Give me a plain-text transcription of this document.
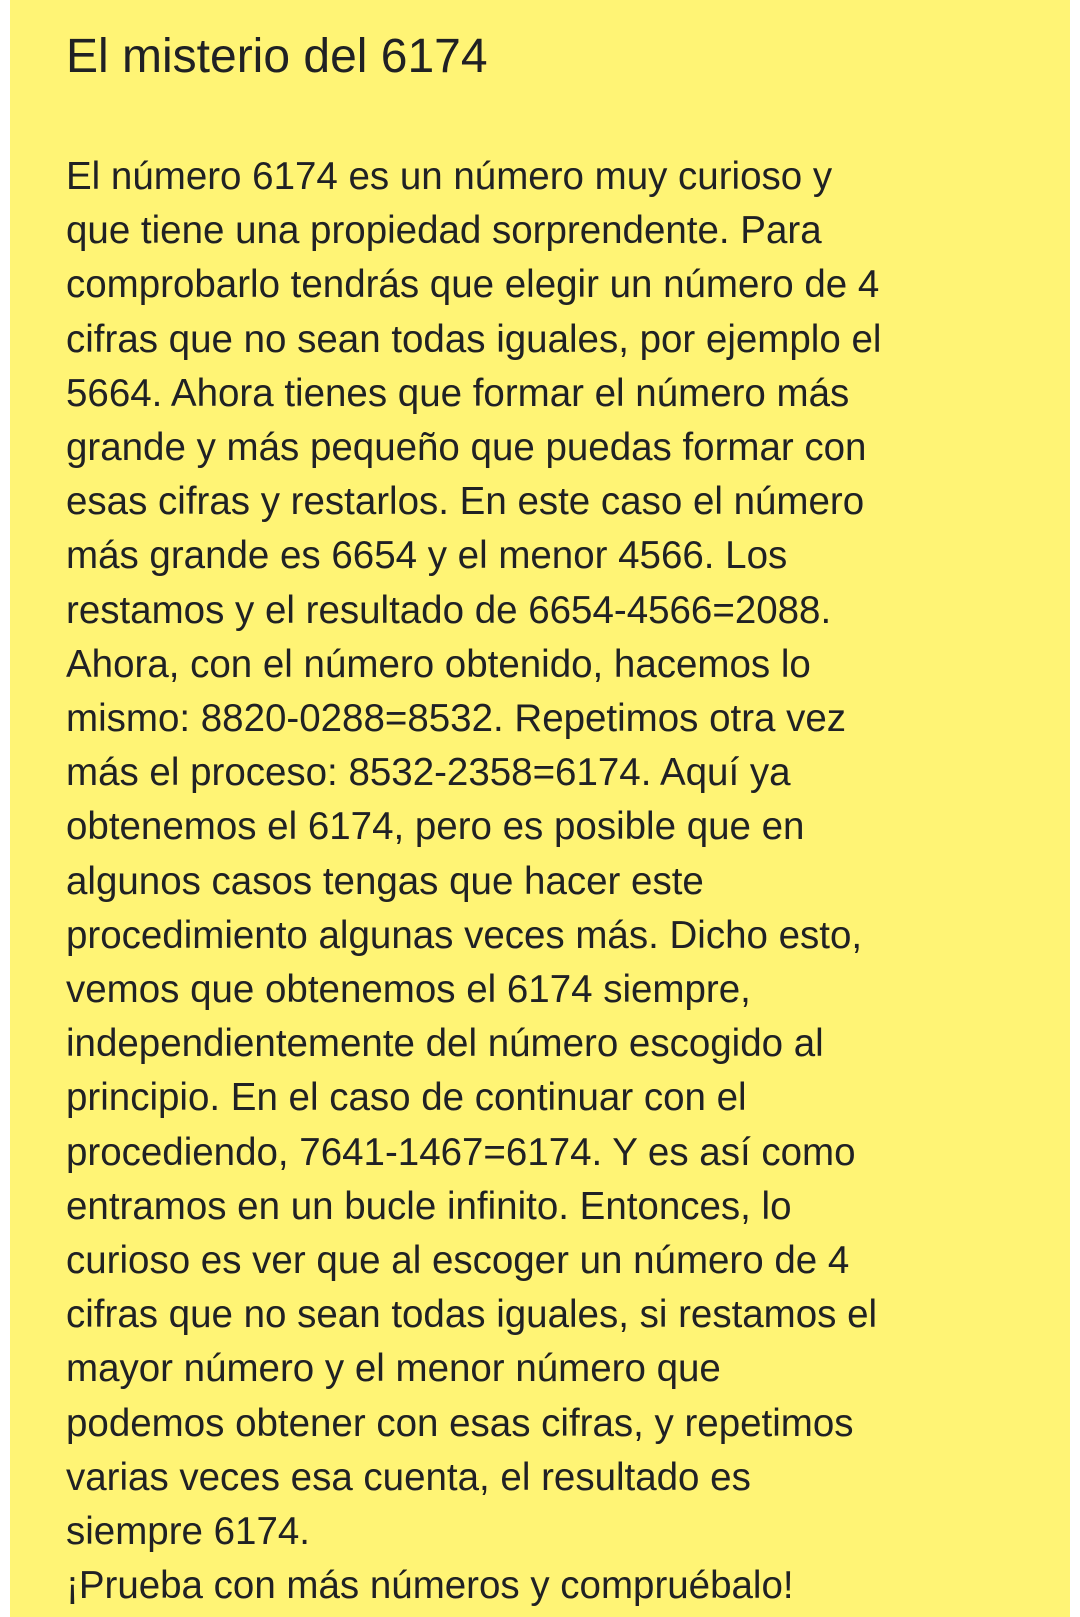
El misterio del 6174
El número 6174 es un número muy curioso y
que tiene una propiedad sorprendente. Para
comprobarlo tendrás que elegir un número de 4
cifras que no sean todas iguales, por ejemplo el
5664. Ahora tienes que formar el número más
grande y más pequeño que puedas formar con
esas cifras y restarlos. En este caso el número
más grande es 6654 y el menor 4566. Los
restamos y el resultado de 6654-4566=2088.
Ahora, con el número obtenido, hacemos lo
mismo: 8820-0288=8532. Repetimos otra vez
más el proceso: 8532-2358=6174. Aquí ya
obtenemos el 6174, pero es posible que en
algunos casos tengas que hacer este
procedimiento algunas veces más. Dicho esto,
vemos que obtenemos el 6174 siempre,
independientemente del número escogido al
principio. En el caso de continuar con el
procediendo, 7641-1467=6174. Y es así como
entramos en un bucle infinito. Entonces, lo
curioso es ver que al escoger un número de 4
cifras que no sean todas iguales, si restamos el
mayor número y el menor número que
podemos obtener con esas cifras, y repetimos
varias veces esa cuenta, el resultado es
siempre 6174.
¡Prueba con más números y compruébalo!
